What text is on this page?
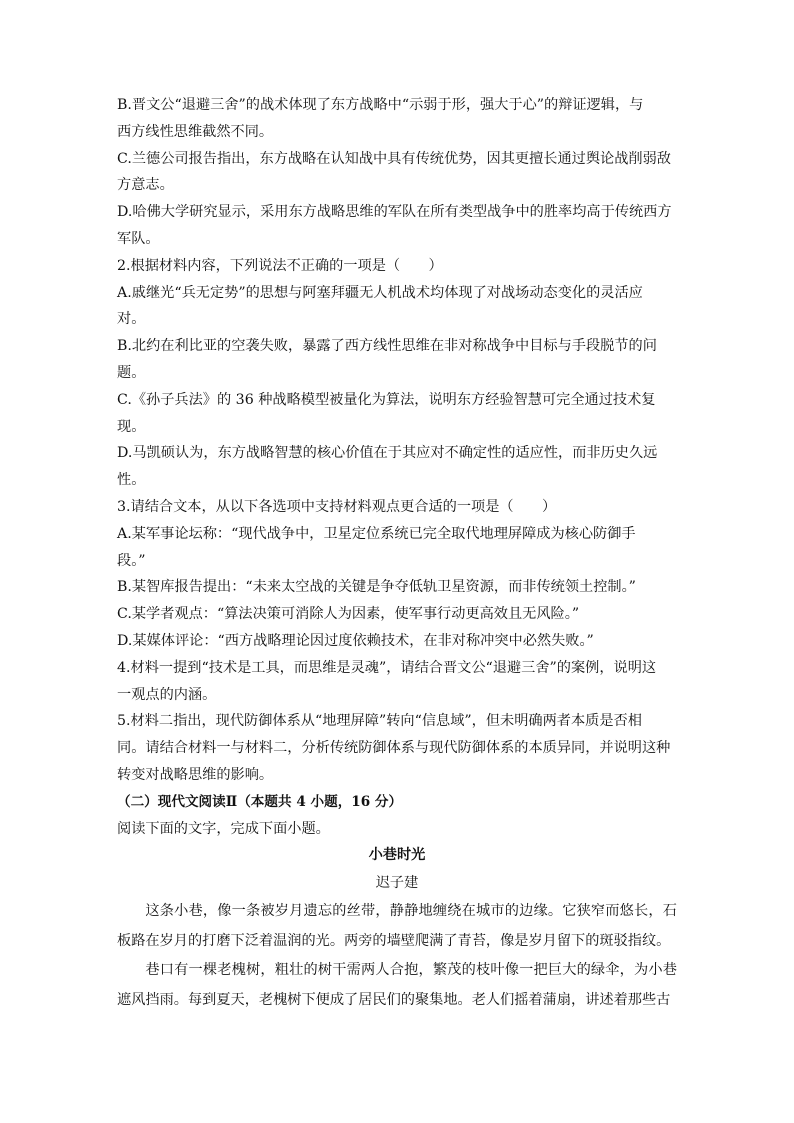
B.晋文公“退避三舍”的战术体现了东方战略中“示弱于形，强大于心”的辩证逻辑，与
西方线性思维截然不同。
C.兰德公司报告指出，东方战略在认知战中具有传统优势，因其更擅长通过舆论战削弱敌
方意志。
D.哈佛大学研究显示，采用东方战略思维的军队在所有类型战争中的胜率均高于传统西方
军队。
2.根据材料内容，下列说法不正确的一项是（　　）
A.戚继光“兵无定势”的思想与阿塞拜疆无人机战术均体现了对战场动态变化的灵活应
对。
B.北约在利比亚的空袭失败，暴露了西方线性思维在非对称战争中目标与手段脱节的问
题。
C.《孙子兵法》的 36 种战略模型被量化为算法，说明东方经验智慧可完全通过技术复
现。
D.马凯硕认为，东方战略智慧的核心价值在于其应对不确定性的适应性，而非历史久远
性。
3.请结合文本，从以下各选项中支持材料观点更合适的一项是（　　）
A.某军事论坛称：“现代战争中，卫星定位系统已完全取代地理屏障成为核心防御手
段。”
B.某智库报告提出：“未来太空战的关键是争夺低轨卫星资源，而非传统领土控制。”
C.某学者观点：“算法决策可消除人为因素，使军事行动更高效且无风险。”
D.某媒体评论：“西方战略理论因过度依赖技术，在非对称冲突中必然失败。”
4.材料一提到“技术是工具，而思维是灵魂”，请结合晋文公“退避三舍”的案例，说明这
一观点的内涵。
5.材料二指出，现代防御体系从“地理屏障”转向“信息域”，但未明确两者本质是否相
同。请结合材料一与材料二，分析传统防御体系与现代防御体系的本质异同，并说明这种
转变对战略思维的影响。
（二）现代文阅读Ⅱ（本题共 4 小题，16 分）
阅读下面的文字，完成下面小题。
小巷时光
迟子建
这条小巷，像一条被岁月遗忘的丝带，静静地缠绕在城市的边缘。它狭窄而悠长，石板路在岁月的打磨下泛着温润的光。两旁的墙壁爬满了青苔，像是岁月留下的斑驳指纹。
巷口有一棵老槐树，粗壮的树干需两人合抱，繁茂的枝叶像一把巨大的绿伞，为小巷遮风挡雨。每到夏天，老槐树下便成了居民们的聚集地。老人们摇着蒲扇，讲述着那些古
